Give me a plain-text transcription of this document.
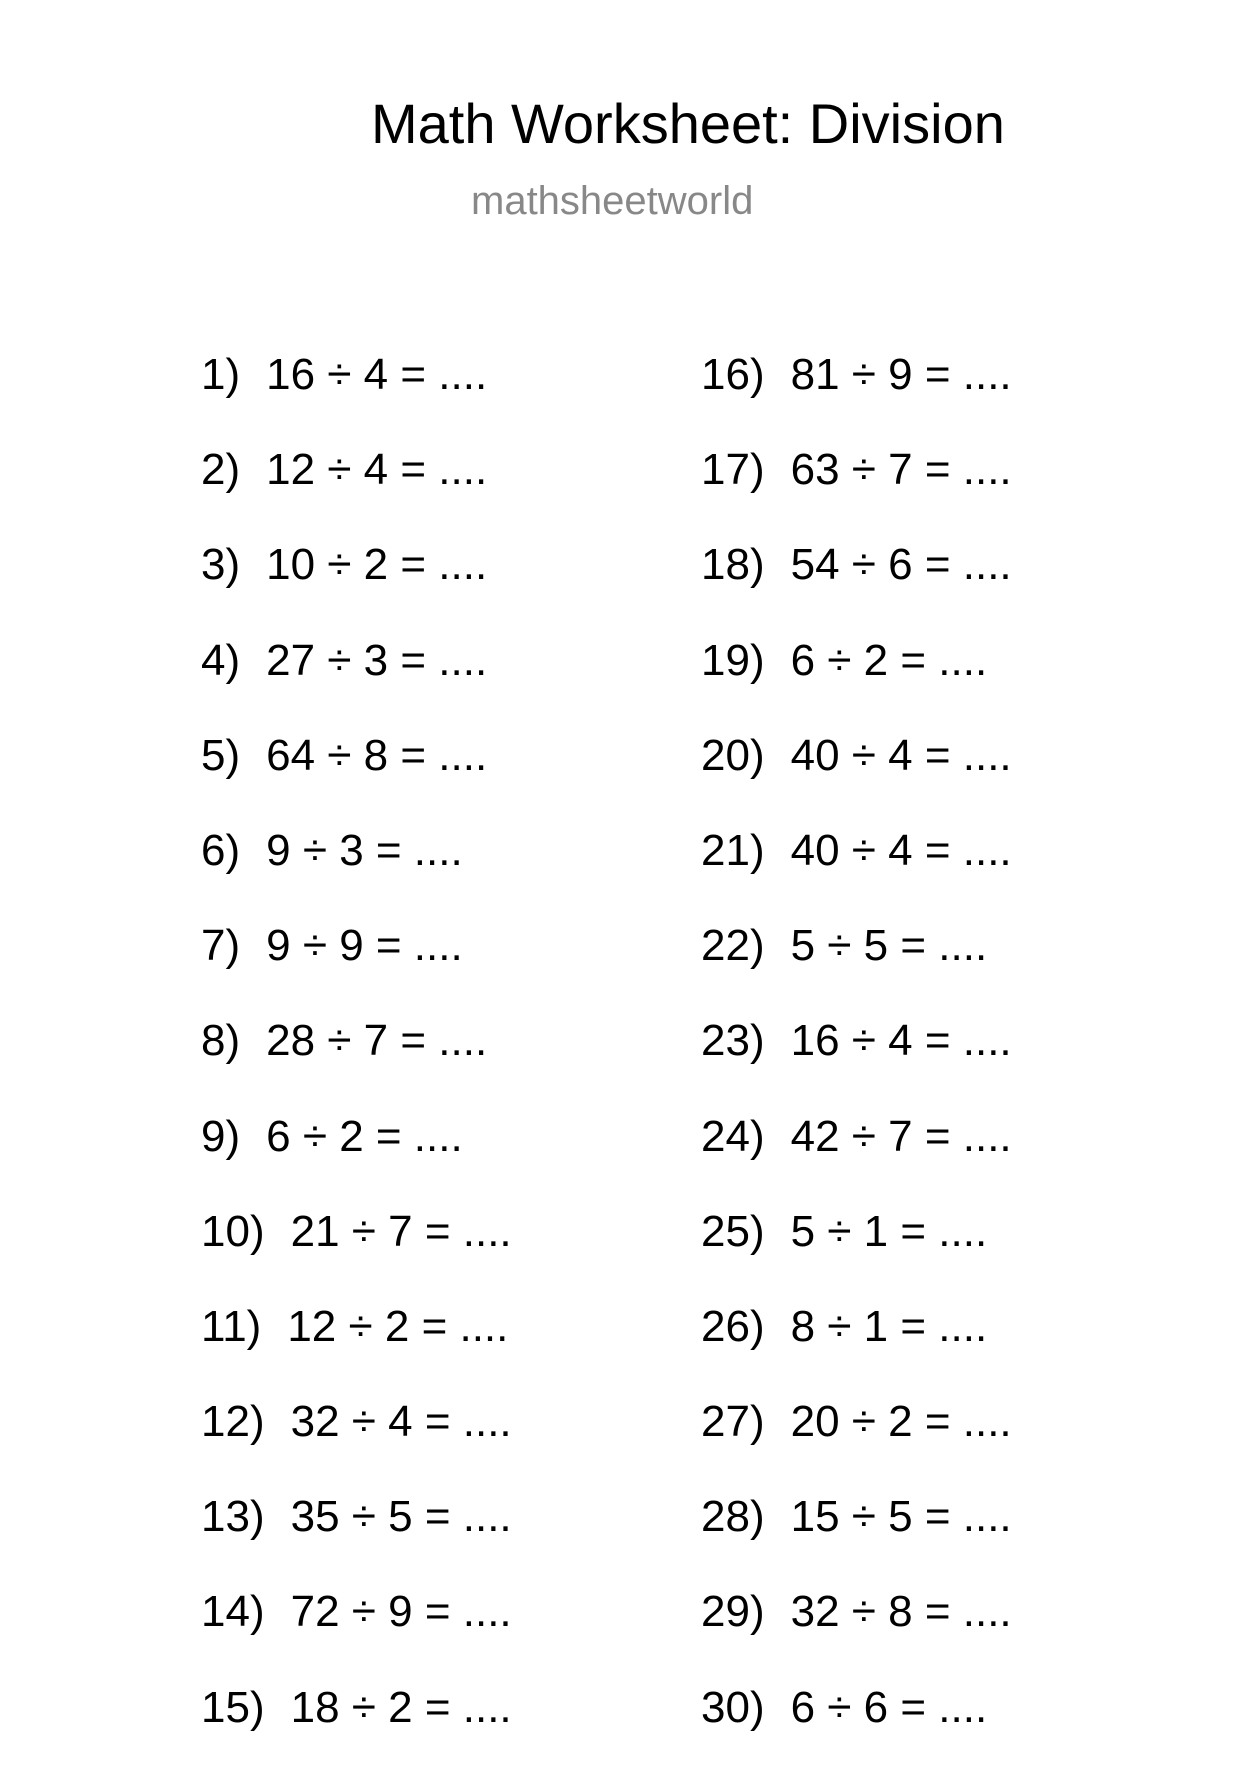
Math Worksheet: Division
mathsheetworld
1) 16 ÷ 4 = ....
2) 12 ÷ 4 = ....
3) 10 ÷ 2 = ....
4) 27 ÷ 3 = ....
5) 64 ÷ 8 = ....
6) 9 ÷ 3 = ....
7) 9 ÷ 9 = ....
8) 28 ÷ 7 = ....
9) 6 ÷ 2 = ....
10) 21 ÷ 7 = ....
11) 12 ÷ 2 = ....
12) 32 ÷ 4 = ....
13) 35 ÷ 5 = ....
14) 72 ÷ 9 = ....
15) 18 ÷ 2 = ....
16) 81 ÷ 9 = ....
17) 63 ÷ 7 = ....
18) 54 ÷ 6 = ....
19) 6 ÷ 2 = ....
20) 40 ÷ 4 = ....
21) 40 ÷ 4 = ....
22) 5 ÷ 5 = ....
23) 16 ÷ 4 = ....
24) 42 ÷ 7 = ....
25) 5 ÷ 1 = ....
26) 8 ÷ 1 = ....
27) 20 ÷ 2 = ....
28) 15 ÷ 5 = ....
29) 32 ÷ 8 = ....
30) 6 ÷ 6 = ....
